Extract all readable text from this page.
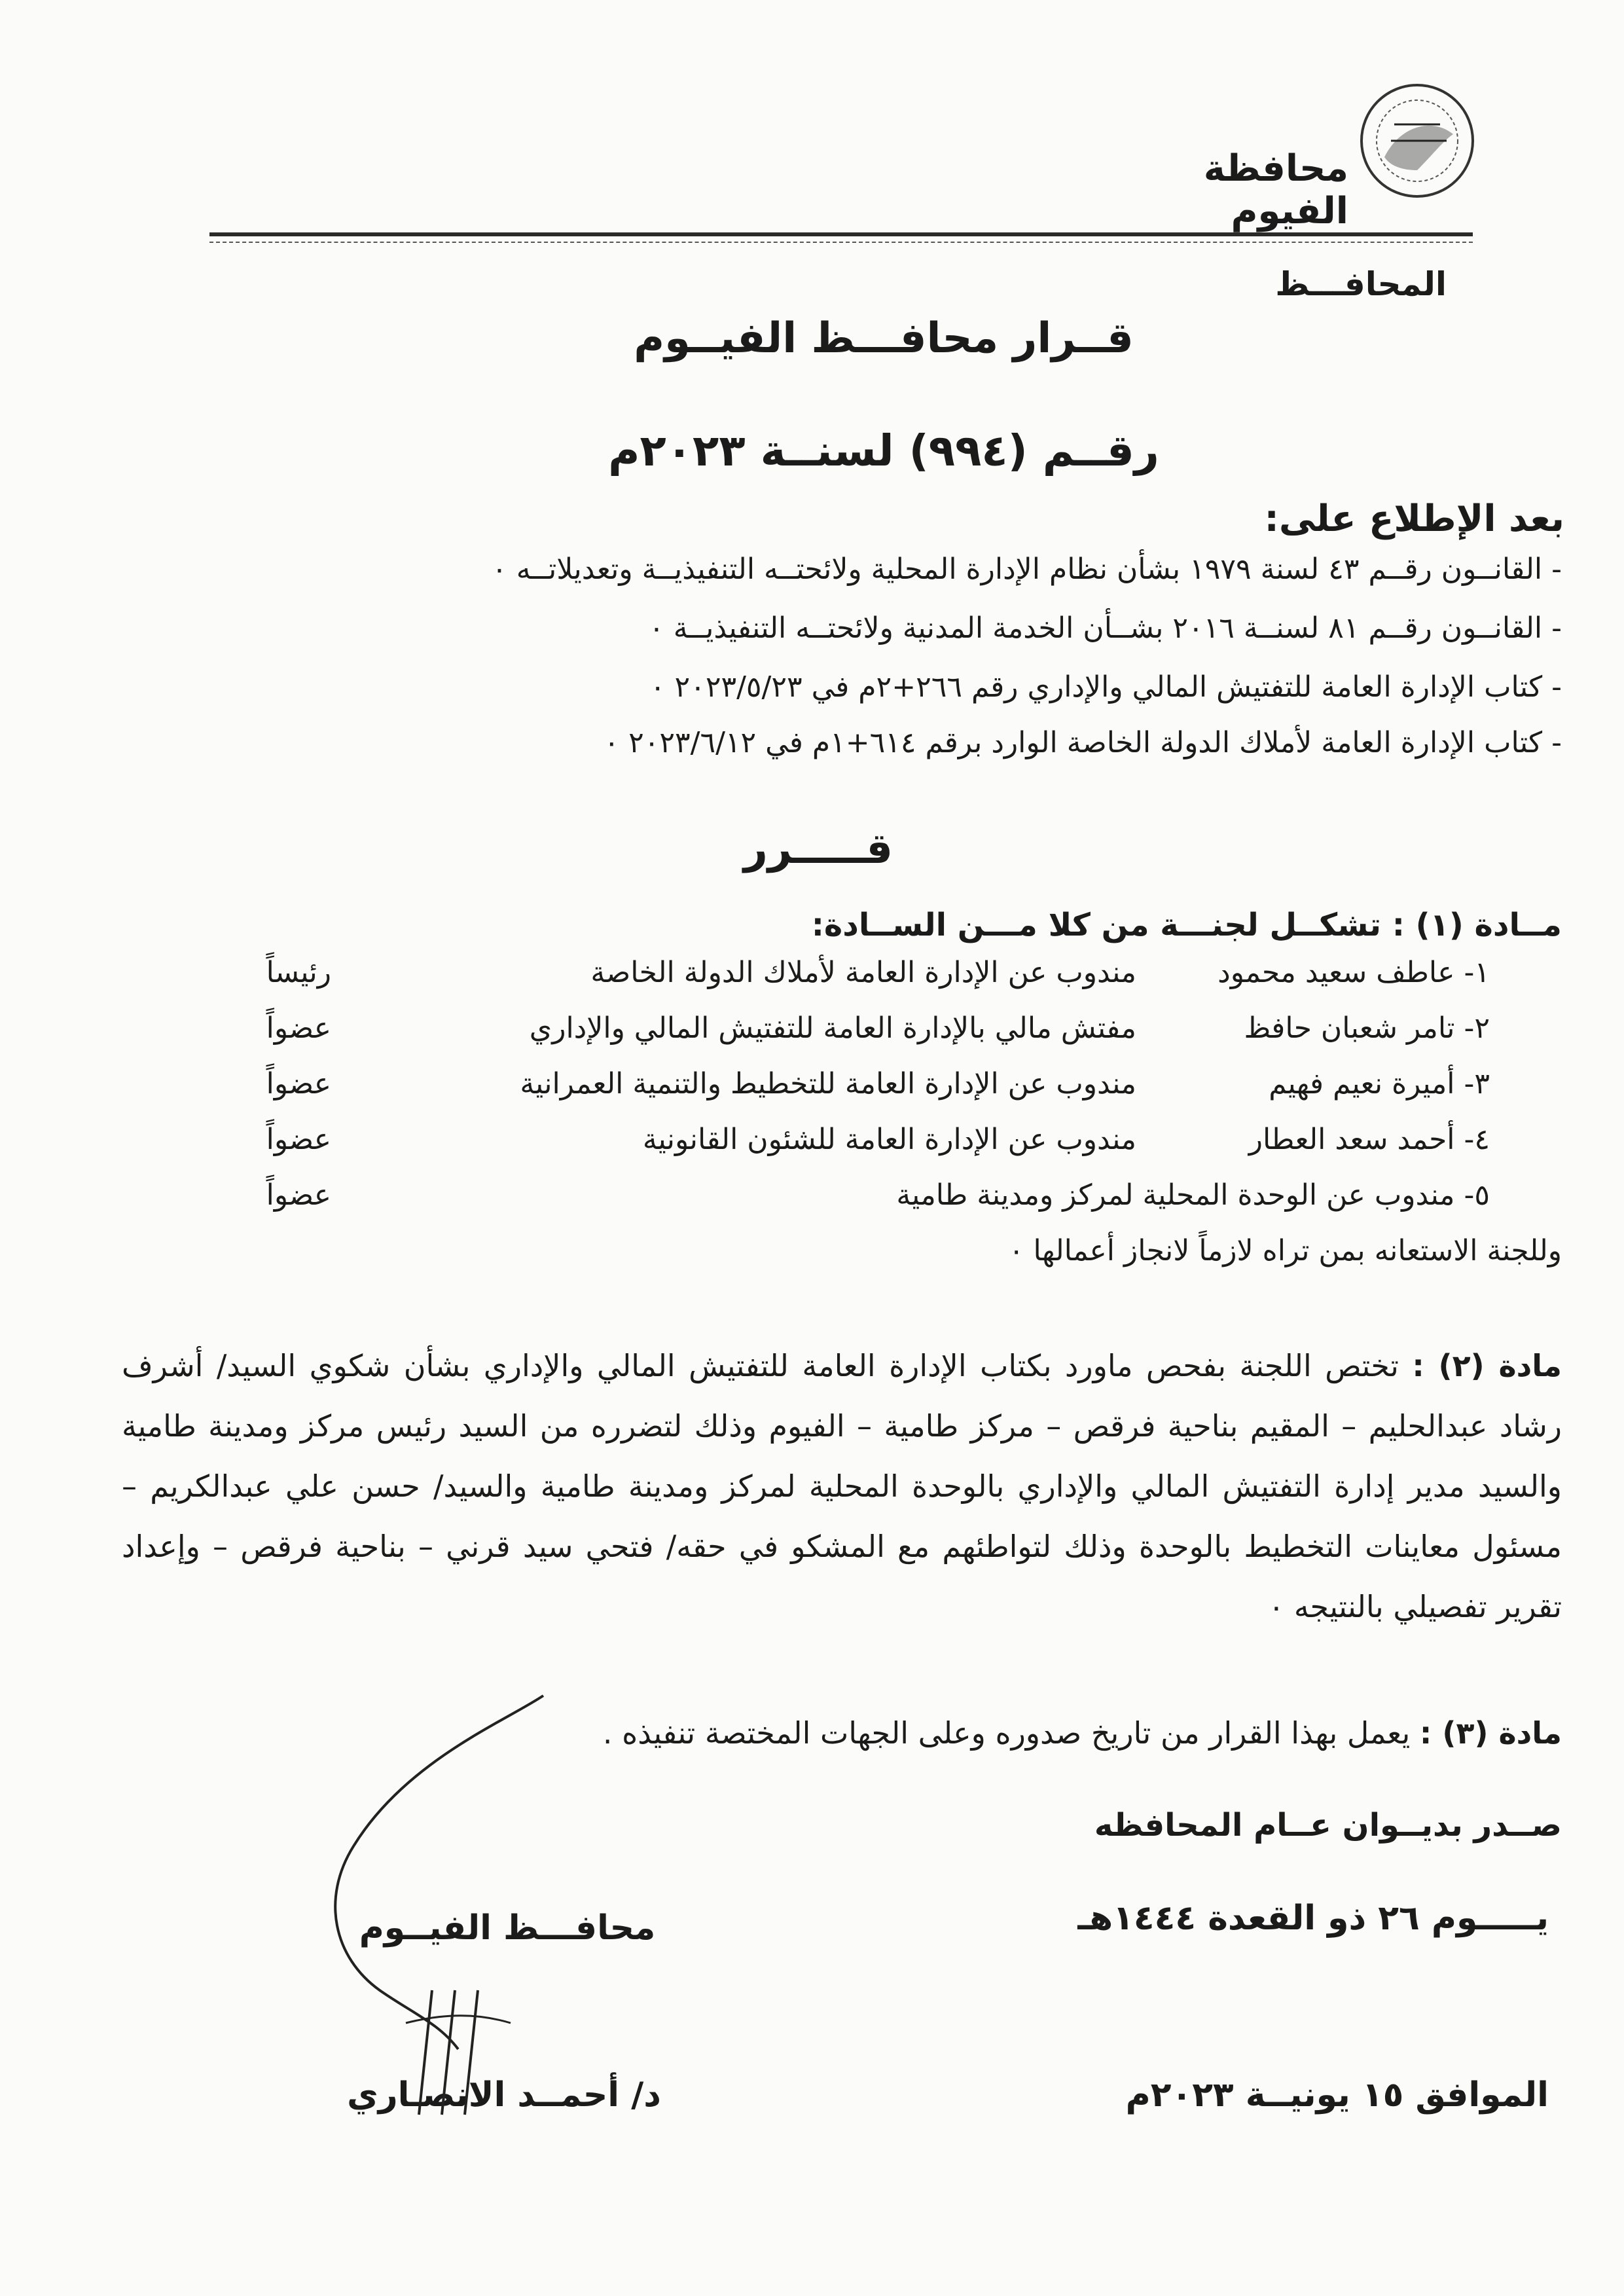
محافظة الفيوم
المحافـــظ
قــرار محافـــظ الفيــوم
رقــم (٩٩٤) لسنــة ٢٠٢٣م
بعد الإطلاع على:
- القانــون رقــم ٤٣ لسنة ١٩٧٩ بشأن نظام الإدارة المحلية ولائحتــه التنفيذيــة وتعديلاتــه ٠
- القانــون رقــم ٨١ لسنــة ٢٠١٦ بشــأن الخدمة المدنية ولائحتــه التنفيذيــة ٠
- كتاب الإدارة العامة للتفتيش المالي والإداري رقم ٢٦٦+٢م في ٢٠٢٣/٥/٢٣ ٠
- كتاب الإدارة العامة لأملاك الدولة الخاصة الوارد برقم ٦١٤+١م في ٢٠٢٣/٦/١٢ ٠
قـــــرر
مــادة (١) : تشكــل لجنـــة من كلا مـــن الســادة:
١- عاطف سعيد محمود
مندوب عن الإدارة العامة لأملاك الدولة الخاصة
رئيساً
٢- تامر شعبان حافظ
مفتش مالي بالإدارة العامة للتفتيش المالي والإداري
عضواً
٣- أميرة نعيم فهيم
مندوب عن الإدارة العامة للتخطيط والتنمية العمرانية
عضواً
٤- أحمد سعد العطار
مندوب عن الإدارة العامة للشئون القانونية
عضواً
٥- مندوب عن الوحدة المحلية لمركز ومدينة طامية
عضواً
وللجنة الاستعانه بمن تراه لازماً لانجاز أعمالها ٠
مادة (٢) : تختص اللجنة بفحص ماورد بكتاب الإدارة العامة للتفتيش المالي والإداري بشأن شكوي السيد/ أشرف رشاد عبدالحليم – المقيم بناحية فرقص – مركز طامية – الفيوم وذلك لتضرره من السيد رئيس مركز ومدينة طامية والسيد مدير إدارة التفتيش المالي والإداري بالوحدة المحلية لمركز ومدينة طامية والسيد/ حسن علي عبدالكريم – مسئول معاينات التخطيط بالوحدة وذلك لتواطئهم مع المشكو في حقه/ فتحي سيد قرني – بناحية فرقص – وإعداد تقرير تفصيلي بالنتيجه ٠
مادة (٣) : يعمل بهذا القرار من تاريخ صدوره وعلى الجهات المختصة تنفيذه .
صــدر بديــوان عــام المحافظه
يـــــوم ٢٦ ذو القعدة ١٤٤٤هـ
الموافق ١٥ يونيــة ٢٠٢٣م
محافـــظ الفيــوم
د/ أحمــد الانصـاري
